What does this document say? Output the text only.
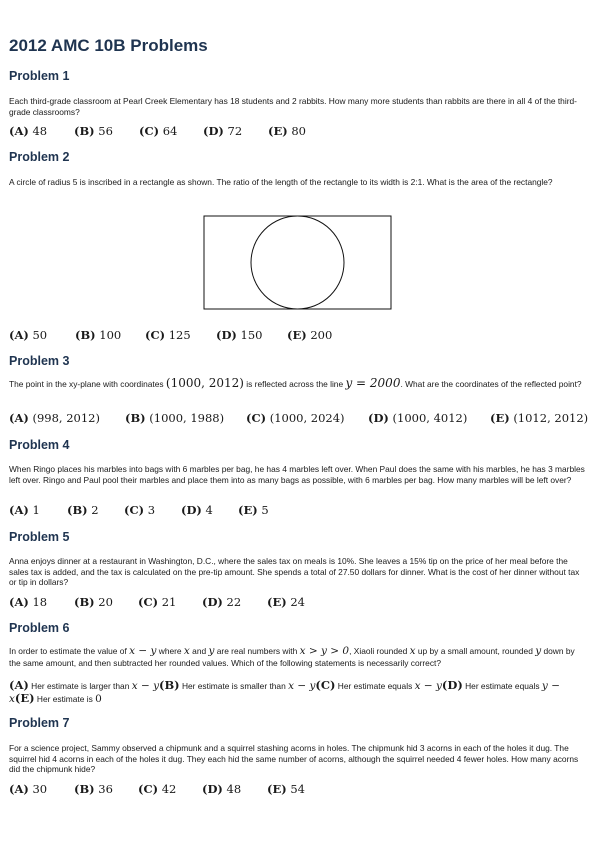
2012 AMC 10B Problems
Problem 1

Each third-grade classroom at Pearl Creek Elementary has 18 students and 2 rabbits. How many more students than rabbits are there in all 4 of the third-grade classrooms?

(A) 48 (B) 56 (C) 64 (D) 72 (E) 80
Problem 2

A circle of radius 5 is inscribed in a rectangle as shown. The ratio of the length of the rectangle to its width is 2:1. What is the area of the rectangle?

(A) 50 (B) 100 (C) 125 (D) 150 (E) 200
Problem 3

The point in the xy-plane with coordinates (1000, 2012) is reflected across the line y = 2000. What are the coordinates of the reflected point?

(A) (998, 2012) (B) (1000, 1988) (C) (1000, 2024) (D) (1000, 4012) (E) (1012, 2012)
Problem 4

When Ringo places his marbles into bags with 6 marbles per bag, he has 4 marbles left over. When Paul does the same with his marbles, he has 3 marbles left over. Ringo and Paul pool their marbles and place them into as many bags as possible, with 6 marbles per bag. How many marbles will be left over?

(A) 1 (B) 2 (C) 3 (D) 4 (E) 5
Problem 5

Anna enjoys dinner at a restaurant in Washington, D.C., where the sales tax on meals is 10%. She leaves a 15% tip on the price of her meal before the sales tax is added, and the tax is calculated on the pre-tip amount. She spends a total of 27.50 dollars for dinner. What is the cost of her dinner without tax or tip in dollars?

(A) 18 (B) 20 (C) 21 (D) 22 (E) 24
Problem 6

In order to estimate the value of x − y where x and y are real numbers with x > y > 0, Xiaoli rounded x up by a small amount, rounded y down by the same amount, and then subtracted her rounded values. Which of the following statements is necessarily correct?

(A) Her estimate is larger than x − y(B) Her estimate is smaller than x − y(C) Her estimate equals x − y(D) Her estimate equals y − x(E) Her estimate is 0

Problem 7

For a science project, Sammy observed a chipmunk and a squirrel stashing acorns in holes. The chipmunk hid 3 acorns in each of the holes it dug. The squirrel hid 4 acorns in each of the holes it dug. They each hid the same number of acorns, although the squirrel needed 4 fewer holes. How many acorns did the chipmunk hide?

(A) 30 (B) 36 (C) 42 (D) 48 (E) 54
